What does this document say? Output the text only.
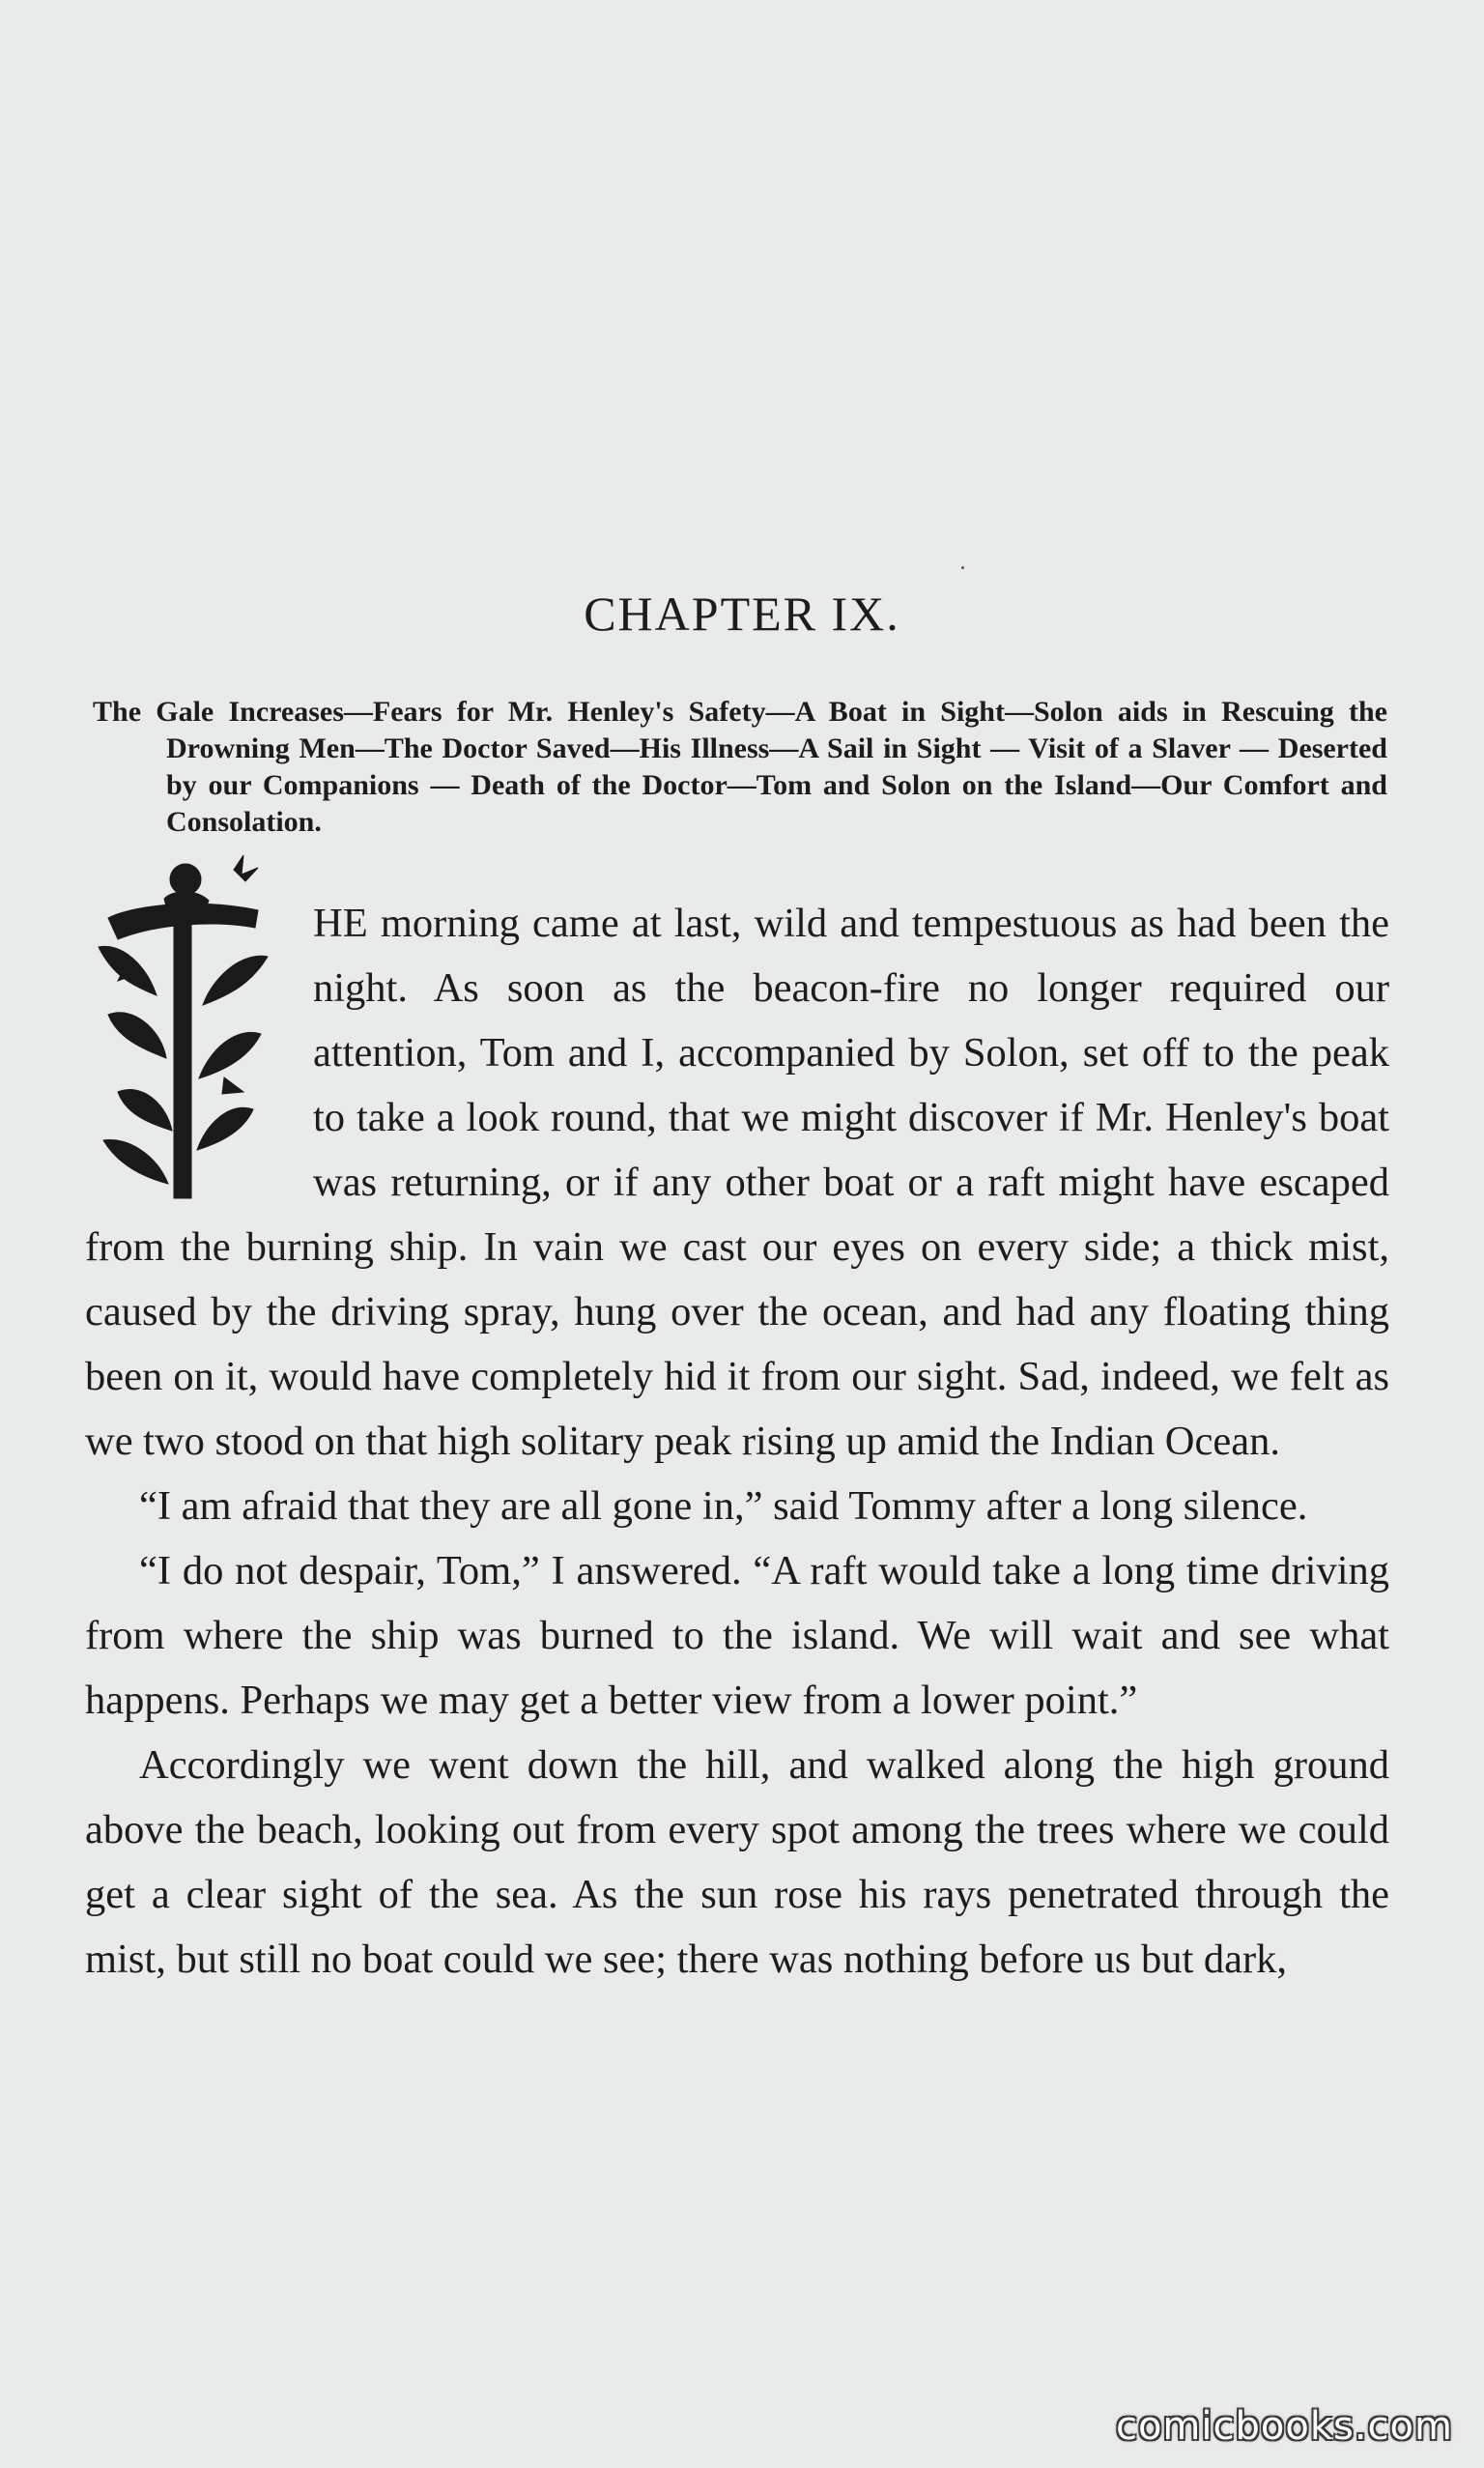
CHAPTER IX.
The Gale Increases—Fears for Mr. Henley's Safety—A Boat in Sight—Solon aids in Rescuing the Drowning Men—The Doctor Saved—His Illness—A Sail in Sight — Visit of a Slaver — Deserted by our Companions — Death of the Doctor—Tom and Solon on the Island—Our Comfort and Consolation.

HE morning came at last, wild and tempestuous as had been the night. As soon as the beacon-fire no longer required our attention, Tom and I, accompanied by Solon, set off to the peak to take a look round, that we might discover if Mr. Henley's boat was returning, or if any other boat or a raft might have escaped from the burning ship. In vain we cast our eyes on every side; a thick mist, caused by the driving spray, hung over the ocean, and had any floating thing been on it, would have completely hid it from our sight. Sad, indeed, we felt as we two stood on that high solitary peak rising up amid the Indian Ocean.

“I am afraid that they are all gone in,” said Tommy after a long silence.

“I do not despair, Tom,” I answered. “A raft would take a long time driving from where the ship was burned to the island. We will wait and see what happens. Perhaps we may get a better view from a lower point.”

Accordingly we went down the hill, and walked along the high ground above the beach, looking out from every spot among the trees where we could get a clear sight of the sea. As the sun rose his rays penetrated through the mist, but still no boat could we see; there was nothing before us but dark,

comicbooks.com
